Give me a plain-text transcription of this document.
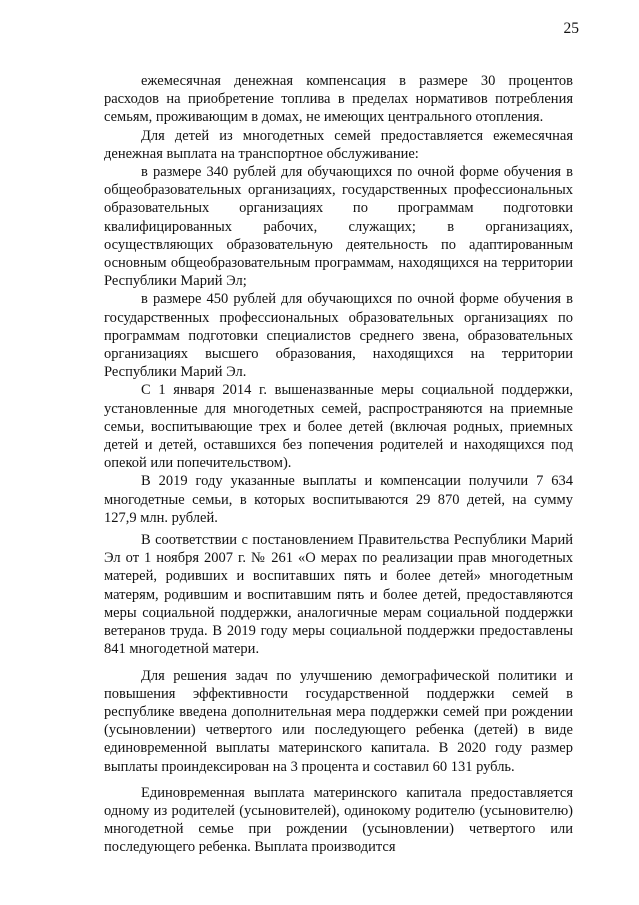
25

ежемесячная денежная компенсация в размере 30 процентов расходов на приобретение топлива в пределах нормативов потребления семьям, проживающим в домах, не имеющих центрального отопления.

Для детей из многодетных семей предоставляется ежемесячная денежная выплата на транспортное обслуживание:

в размере 340 рублей для обучающихся по очной форме обучения в общеобразовательных организациях, государственных профессиональных образовательных организациях по программам подготовки квалифицированных рабочих, служащих; в организациях, осуществляющих образовательную деятельность по адаптированным основным общеобразовательным программам, находящихся на территории Республики Марий Эл;

в размере 450 рублей для обучающихся по очной форме обучения в государственных профессиональных образовательных организациях по программам подготовки специалистов среднего звена, образовательных организациях высшего образования, находящихся на территории Республики Марий Эл.

С 1 января 2014 г. вышеназванные меры социальной поддержки, установленные для многодетных семей, распространяются на приемные семьи, воспитывающие трех и более детей (включая родных, приемных детей и детей, оставшихся без попечения родителей и находящихся под опекой или попечительством).

В 2019 году указанные выплаты и компенсации получили 7 634 многодетные семьи, в которых воспитываются 29 870 детей, на сумму 127,9 млн. рублей.

В соответствии с постановлением Правительства Республики Марий Эл от 1 ноября 2007 г. № 261 «О мерах по реализации прав многодетных матерей, родивших и воспитавших пять и более детей» многодетным матерям, родившим и воспитавшим пять и более детей, предоставляются меры социальной поддержки, аналогичные мерам социальной поддержки ветеранов труда. В 2019 году меры социальной поддержки предоставлены 841 многодетной матери.

Для решения задач по улучшению демографической политики и повышения эффективности государственной поддержки семей в республике введена дополнительная мера поддержки семей при рождении (усыновлении) четвертого или последующего ребенка (детей) в виде единовременной выплаты материнского капитала. В 2020 году размер выплаты проиндексирован на 3 процента и составил 60 131 рубль.

Единовременная выплата материнского капитала предоставляется одному из родителей (усыновителей), одинокому родителю (усыновителю) многодетной семье при рождении (усыновлении) четвертого или последующего ребенка. Выплата производится
